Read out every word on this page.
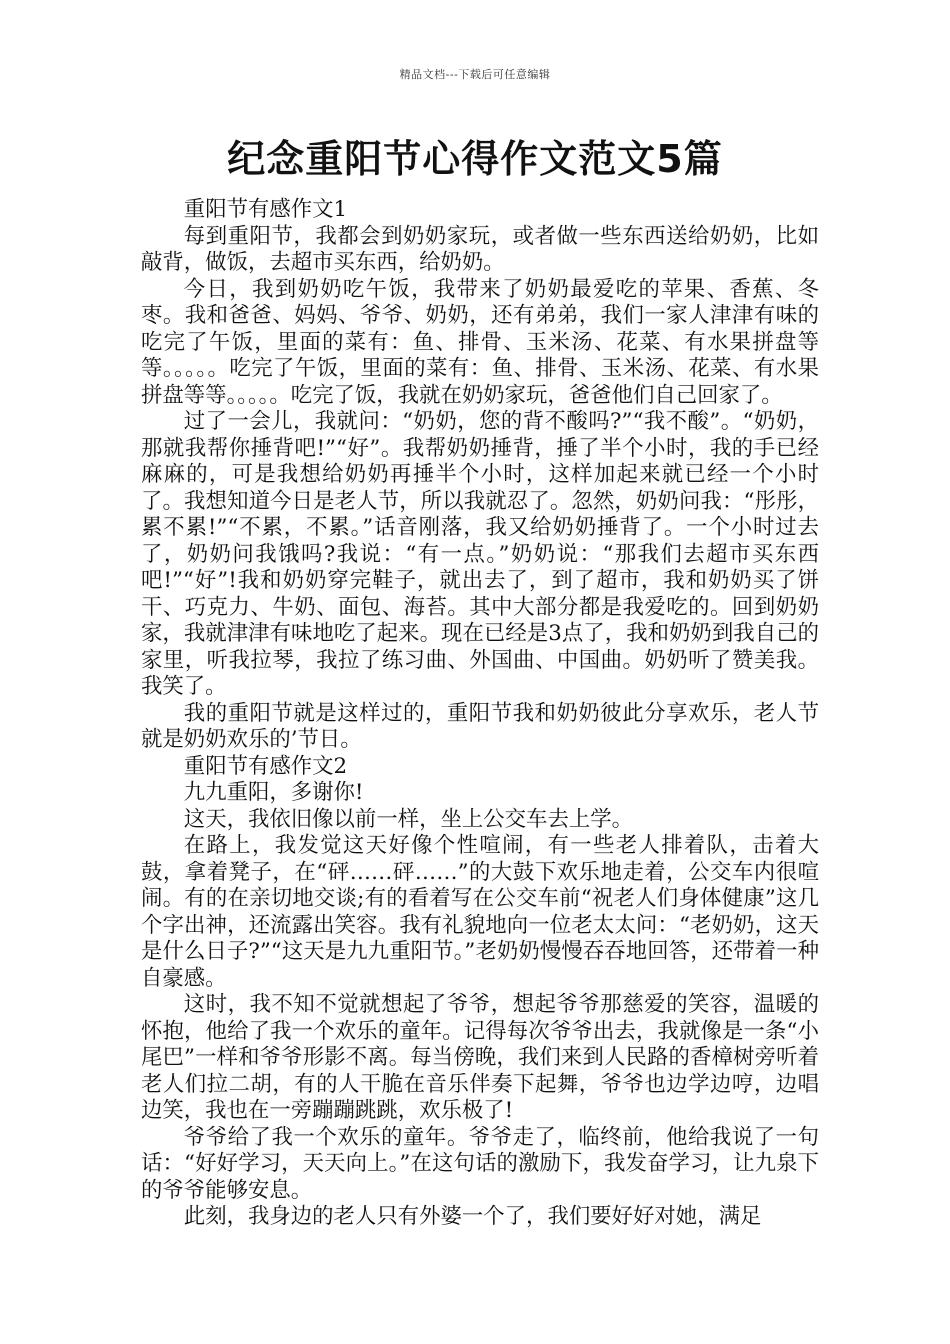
精品文档---下载后可任意编辑
纪念重阳节心得作文范文5篇

重阳节有感作文1

每到重阳节，我都会到奶奶家玩，或者做一些东西送给奶奶，比如敲背，做饭，去超市买东西，给奶奶。

今日，我到奶奶吃午饭，我带来了奶奶最爱吃的苹果、香蕉、冬枣。我和爸爸、妈妈、爷爷、奶奶，还有弟弟，我们一家人津津有味的吃完了午饭，里面的菜有：鱼、排骨、玉米汤、花菜、有水果拼盘等等。。。。。吃完了午饭，里面的菜有：鱼、排骨、玉米汤、花菜、有水果拼盘等等。。。。。吃完了饭，我就在奶奶家玩，爸爸他们自己回家了。

过了一会儿，我就问：“奶奶，您的背不酸吗?”“我不酸”。“奶奶，那就我帮你捶背吧!”“好”。我帮奶奶捶背，捶了半个小时，我的手已经麻麻的，可是我想给奶奶再捶半个小时，这样加起来就已经一个小时了。我想知道今日是老人节，所以我就忍了。忽然，奶奶问我：“彤彤，累不累!”“不累，不累。”话音刚落，我又给奶奶捶背了。一个小时过去了，奶奶问我饿吗?我说：“有一点。”奶奶说：“那我们去超市买东西吧!”“好”!我和奶奶穿完鞋子，就出去了，到了超市，我和奶奶买了饼干、巧克力、牛奶、面包、海苔。其中大部分都是我爱吃的。回到奶奶家，我就津津有味地吃了起来。现在已经是3点了，我和奶奶到我自己的家里，听我拉琴，我拉了练习曲、外国曲、中国曲。奶奶听了赞美我。我笑了。

我的重阳节就是这样过的，重阳节我和奶奶彼此分享欢乐，老人节就是奶奶欢乐的’节日。

重阳节有感作文2

九九重阳，多谢你!

这天，我依旧像以前一样，坐上公交车去上学。

在路上，我发觉这天好像个性喧闹，有一些老人排着队，击着大鼓，拿着凳子，在“砰……砰……”的大鼓下欢乐地走着，公交车内很喧闹。有的在亲切地交谈;有的看着写在公交车前“祝老人们身体健康”这几个字出神，还流露出笑容。我有礼貌地向一位老太太问：“老奶奶，这天是什么日子?”“这天是九九重阳节。”老奶奶慢慢吞吞地回答，还带着一种自豪感。

这时，我不知不觉就想起了爷爷，想起爷爷那慈爱的笑容，温暖的怀抱，他给了我一个欢乐的童年。记得每次爷爷出去，我就像是一条“小尾巴”一样和爷爷形影不离。每当傍晚，我们来到人民路的香樟树旁听着老人们拉二胡，有的人干脆在音乐伴奏下起舞，爷爷也边学边哼，边唱边笑，我也在一旁蹦蹦跳跳，欢乐极了!

爷爷给了我一个欢乐的童年。爷爷走了，临终前，他给我说了一句话：“好好学习，天天向上。”在这句话的激励下，我发奋学习，让九泉下的爷爷能够安息。

此刻，我身边的老人只有外婆一个了，我们要好好对她，满足
